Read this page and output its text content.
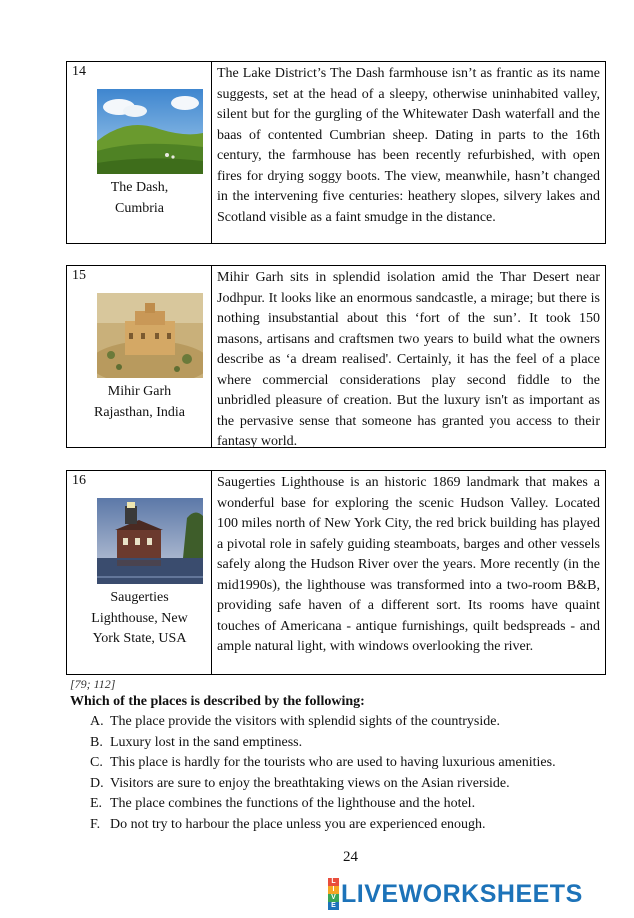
14
The Dash,
Cumbria
The Lake District’s The Dash farmhouse isn’t as frantic as its name suggests, set at the head of a sleepy, otherwise uninhabited valley, silent but for the gurgling of the Whitewater Dash waterfall and the baas of contented Cumbrian sheep. Dating in parts to the 16th century, the farmhouse has been recently refurbished, with open fires for drying soggy boots. The view, meanwhile, hasn’t changed in the intervening five centuries: heathery slopes, silvery lakes and Scotland visible as a faint smudge in the distance.
15
Mihir Garh
Rajasthan, India
Mihir Garh sits in splendid isolation amid the Thar Desert near Jodhpur. It looks like an enormous sandcastle, a mirage; but there is nothing insubstantial about this ‘fort of the sun’. It took 150 masons, artisans and craftsmen two years to build what the owners describe as ‘a dream realised'. Certainly, it has the feel of a place where commercial considerations play second fiddle to the unbridled pleasure of creation. But the luxury isn't as important as the pervasive sense that someone has granted you access to their fantasy world.
16
Saugerties
Lighthouse, New
York State, USA
Saugerties Lighthouse is an historic 1869 landmark that makes a wonderful base for exploring the scenic Hudson Valley. Located 100 miles north of New York City, the red brick building has played a pivotal role in safely guiding steamboats, barges and other vessels safely along the Hudson River over the years. More recently (in the mid1990s), the lighthouse was transformed into a two-room B&B, providing safe haven of a different sort. Its rooms have quaint touches of Americana - antique furnishings, quilt bedspreads - and ample natural light, with windows overlooking the river.
[79; 112]
Which of the places is described by the following:
A. The place provide the visitors with splendid sights of the countryside.
B. Luxury lost in the sand emptiness.
C. This place is hardly for the tourists who are used to having luxurious amenities.
D. Visitors are sure to enjoy the breathtaking views on the Asian riverside.
E. The place combines the functions of the lighthouse and the hotel.
F. Do not try to harbour the place unless you are experienced enough.
24
L
I
V
E LIVEWORKSHEETS
